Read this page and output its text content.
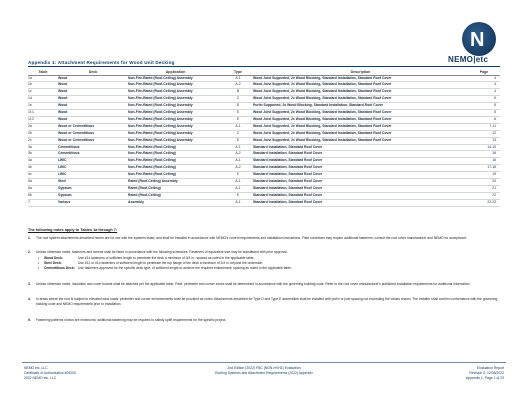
N
NEMO|etc
Appendix 1: Attachment Requirements for Wood Unit Decking
Table	Deck	Application	Type	Description	Page
1a	Wood	Non-Fire-Rated (Roof-Ceiling) Assembly	A-1	Wood Joist Supported, 2x Wood Blocking, Standard Installation, Standard Roof Cover	4
1b	Wood	Non-Fire-Rated (Roof-Ceiling) Assembly	A-2	Wood Joist Supported, 2x Wood Blocking, Standard Installation, Standard Roof Cover	4
1c	Wood	Non-Fire-Rated (Roof-Ceiling) Assembly	B	Wood Joist Supported, 2x Wood Blocking, Standard Installation, Standard Roof Cover	4
1d	Wood	Non-Fire-Rated (Roof-Ceiling) Assembly	C	Wood Joist Supported, 2x Wood Blocking, Standard Installation, Standard Roof Cover	5
1e	Wood	Non-Fire-Rated (Roof-Ceiling) Assembly	D	Purlin Supported, 2x Wood Blocking, Standard Installation, Standard Roof Cover	5
1f-1	Wood	Non-Fire-Rated (Roof-Ceiling) Assembly	E	Wood Joist Supported, 2x Wood Blocking, Standard Installation, Standard Roof Cover	5
1f-2	Wood	Non-Fire-Rated (Roof-Ceiling) Assembly	E	Wood Joist Supported, 2x Wood Blocking, Standard Installation, Standard Roof Cover	6
2a	Wood or Cementitious	Non-Fire-Rated (Roof-Ceiling) Assembly	A-1	Wood Joist Supported, 2x Wood Blocking, Standard Installation, Standard Roof Cover	7-11
2b	Wood or Cementitious	Non-Fire-Rated (Roof-Ceiling) Assembly	C	Wood Joist Supported, 2x Wood Blocking, Standard Installation, Standard Roof Cover	12
2c	Wood or Cementitious	Non-Fire-Rated (Roof-Ceiling) Assembly	E	Wood Joist Supported, 2x Wood Blocking, Standard Installation, Standard Roof Cover	13
3a	Cementitious	Non-Fire-Rated (Roof-Ceiling)	A-1	Standard Installation, Standard Roof Cover	14-15
3b	Cementitious	Non-Fire-Rated (Roof-Ceiling)	A-2	Standard Installation, Standard Roof Cover	16
4a	LWIC	Non-Fire-Rated (Roof-Ceiling)	A-1	Standard Installation, Standard Roof Cover	16
4b	LWIC	Non-Fire-Rated (Roof-Ceiling)	A-2	Standard Installation, Standard Roof Cover	17-18
4c	LWIC	Non-Fire-Rated (Roof-Ceiling)	E	Standard Installation, Standard Roof Cover	19
5a	Steel	Rated (Roof-Ceiling) Assembly	A-1	Standard Installation, Standard Roof Cover	20
6a	Gypsum	Rated (Roof-Ceiling)	A-1	Standard Installation, Standard Roof Cover	21
6b	Gypsum	Rated (Roof-Ceiling)	E	Standard Installation, Standard Roof Cover	22
7	Various	Assembly	A-1	Standard Installation, Standard Roof Cover	22-23
The following notes apply to Tables 1a through 7:
1. The roof system attachments described herein are for use with the systems listed, and shall be installed in accordance with NEMO's current requirements and installation instructions. Field conditions may require additional fasteners; consult the roof cover manufacturer and NEMO for acceptance.
2. Unless otherwise noted, fasteners and screws shall be listed in accordance with the following schedules. Fasteners of equivalent size may be substituted with prior approval.
• Wood Deck:	Use #14 fasteners of sufficient length to penetrate the deck a minimum of 3/4 in.; spaced as noted in the applicable table.
• Steel Deck:	Use #12 or #14 fasteners of sufficient length to penetrate the top flange of the deck a minimum of 3/4 in. beyond the underside.
• Cementitious Deck: Use fasteners approved for the specific deck type, of sufficient length to achieve the required embedment; spacing as noted in the applicable table.
3. Unless otherwise noted, insulation and cover boards shall be attached per the applicable table. Field, perimeter and corner zones shall be determined in accordance with the governing building code. Refer to the roof cover manufacturer's published installation requirements for additional information.
4. In areas where the roof is subject to elevated wind loads, perimeter and corner enhancements shall be provided as noted. Attachments described for Type D and Type E assemblies shall be installed with purlin or joist spacing not exceeding the values shown. The installer shall confirm conformance with the governing building code and NEMO requirements prior to installation.
5. Fastening patterns shown are minimums; additional fastening may be required to satisfy uplift requirements for the specific project.
NEMO etc, LLC
Certificate of Authorization #00000
2022 NEMO etc, LLC
2nd Edition (2022) FBC (NON-HVHZ) Evaluation
Roofing Systems and Attachment Requirements (2022) Appendix
Evaluation Report
Revision 0, 12/08/2022
Appendix 1, Page 1 of 23
